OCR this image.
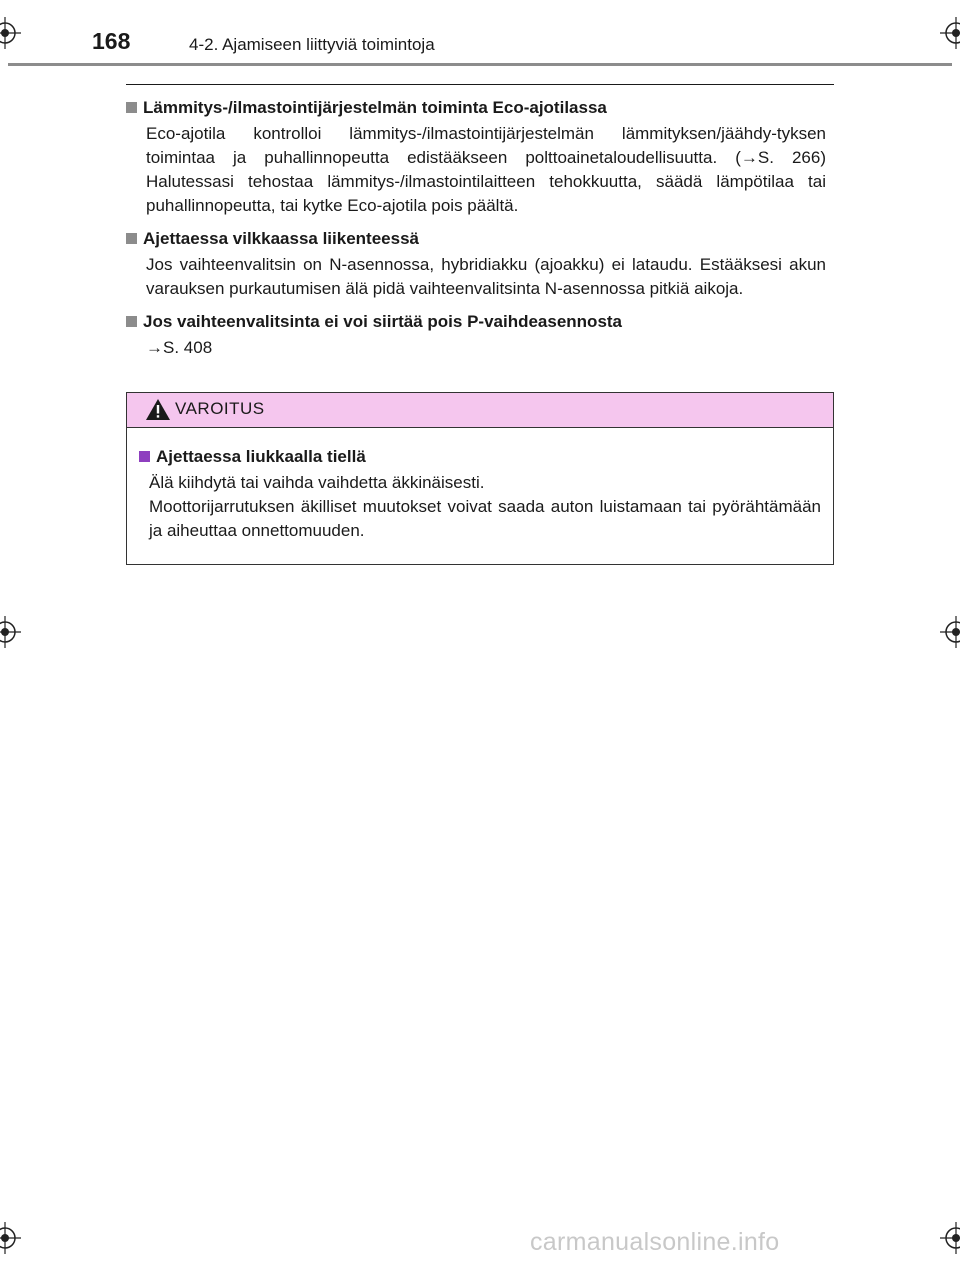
168	4-2. Ajamiseen liittyviä toimintoja
Lämmitys-/ilmastointijärjestelmän toiminta Eco-ajotilassa
Eco-ajotila kontrolloi lämmitys-/ilmastointijärjestelmän lämmityksen/jäähdy-tyksen toimintaa ja puhallinnopeutta edistääkseen polttoainetaloudellisuutta. (→S. 266) Halutessasi tehostaa lämmitys-/ilmastointilaitteen tehokkuutta, säädä lämpötilaa tai puhallinnopeutta, tai kytke Eco-ajotila pois päältä.
Ajettaessa vilkkaassa liikenteessä
Jos vaihteenvalitsin on N-asennossa, hybridiakku (ajoakku) ei lataudu. Estääksesi akun varauksen purkautumisen älä pidä vaihteenvalitsinta N-asennossa pitkiä aikoja.
Jos vaihteenvalitsinta ei voi siirtää pois P-vaihdeasennosta
→S. 408
VAROITUS
Ajettaessa liukkaalla tiellä
Älä kiihdytä tai vaihda vaihdetta äkkinäisesti.
Moottorijarrutuksen äkilliset muutokset voivat saada auton luistamaan tai pyörähtämään ja aiheuttaa onnettomuuden.
carmanualsonline.info
